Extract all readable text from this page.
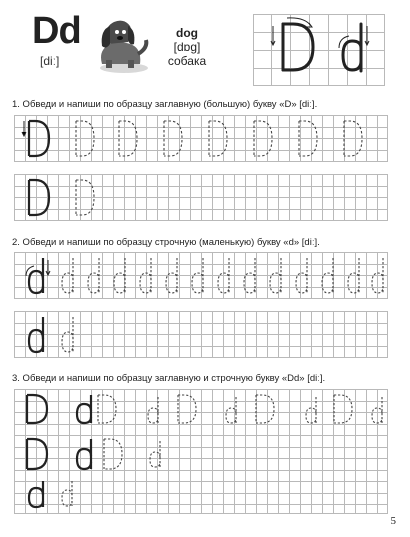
Dd
[diː]
dog
[dɒg]
собака
1. Обведи и напиши по образцу заглавную (большую) букву «D» [diː].
2. Обведи и напиши по образцу строчную (маленькую) букву «d» [diː].
3. Обведи и напиши по образцу заглавную и строчную букву «Dd» [diː].
5
